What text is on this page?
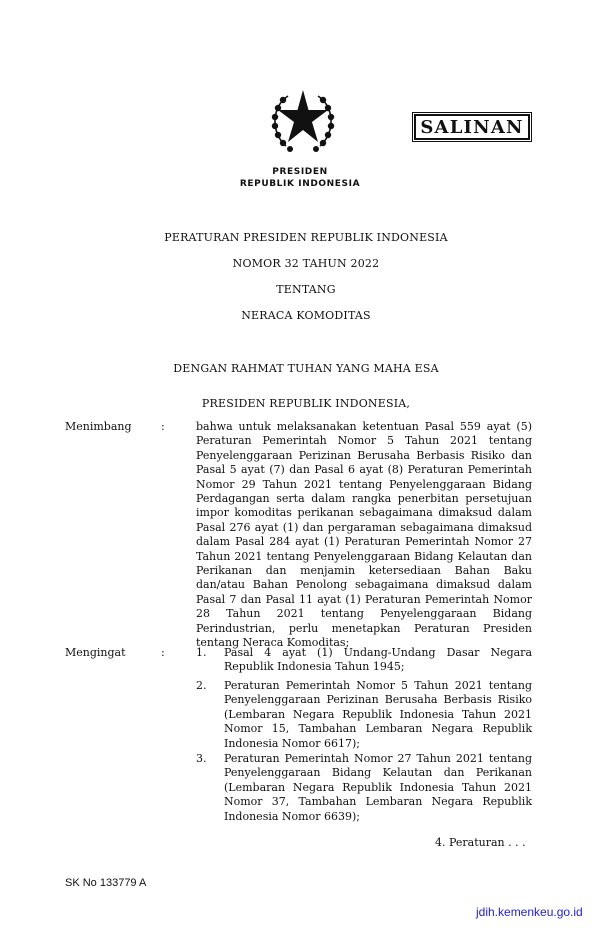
SALINAN
PRESIDEN
REPUBLIK INDONESIA
PERATURAN PRESIDEN REPUBLIK INDONESIA
NOMOR 32 TAHUN 2022
TENTANG
NERACA KOMODITAS
DENGAN RAHMAT TUHAN YANG MAHA ESA
PRESIDEN REPUBLIK INDONESIA,
Menimbang	:	bahwa untuk melaksanakan ketentuan Pasal 559 ayat (5) Peraturan Pemerintah Nomor 5 Tahun 2021 tentang Penyelenggaraan Perizinan Berusaha Berbasis Risiko dan Pasal 5 ayat (7) dan Pasal 6 ayat (8) Peraturan Pemerintah Nomor 29 Tahun 2021 tentang Penyelenggaraan Bidang Perdagangan serta dalam rangka penerbitan persetujuan impor komoditas perikanan sebagaimana dimaksud dalam Pasal 276 ayat (1) dan pergaraman sebagaimana dimaksud dalam Pasal 284 ayat (1) Peraturan Pemerintah Nomor 27 Tahun 2021 tentang Penyelenggaraan Bidang Kelautan dan Perikanan dan menjamin ketersediaan Bahan Baku dan/atau Bahan Penolong sebagaimana dimaksud dalam Pasal 7 dan Pasal 11 ayat (1) Peraturan Pemerintah Nomor 28 Tahun 2021 tentang Penyelenggaraan Bidang Perindustrian, perlu menetapkan Peraturan Presiden tentang Neraca Komoditas;

Mengingat	:	1. Pasal 4 ayat (1) Undang-Undang Dasar Negara Republik Indonesia Tahun 1945;

2. Peraturan Pemerintah Nomor 5 Tahun 2021 tentang Penyelenggaraan Perizinan Berusaha Berbasis Risiko (Lembaran Negara Republik Indonesia Tahun 2021 Nomor 15, Tambahan Lembaran Negara Republik Indonesia Nomor 6617);

3. Peraturan Pemerintah Nomor 27 Tahun 2021 tentang Penyelenggaraan Bidang Kelautan dan Perikanan (Lembaran Negara Republik Indonesia Tahun 2021 Nomor 37, Tambahan Lembaran Negara Republik Indonesia Nomor 6639);

4. Peraturan . . .
SK No 133779 A
jdih.kemenkeu.go.id
